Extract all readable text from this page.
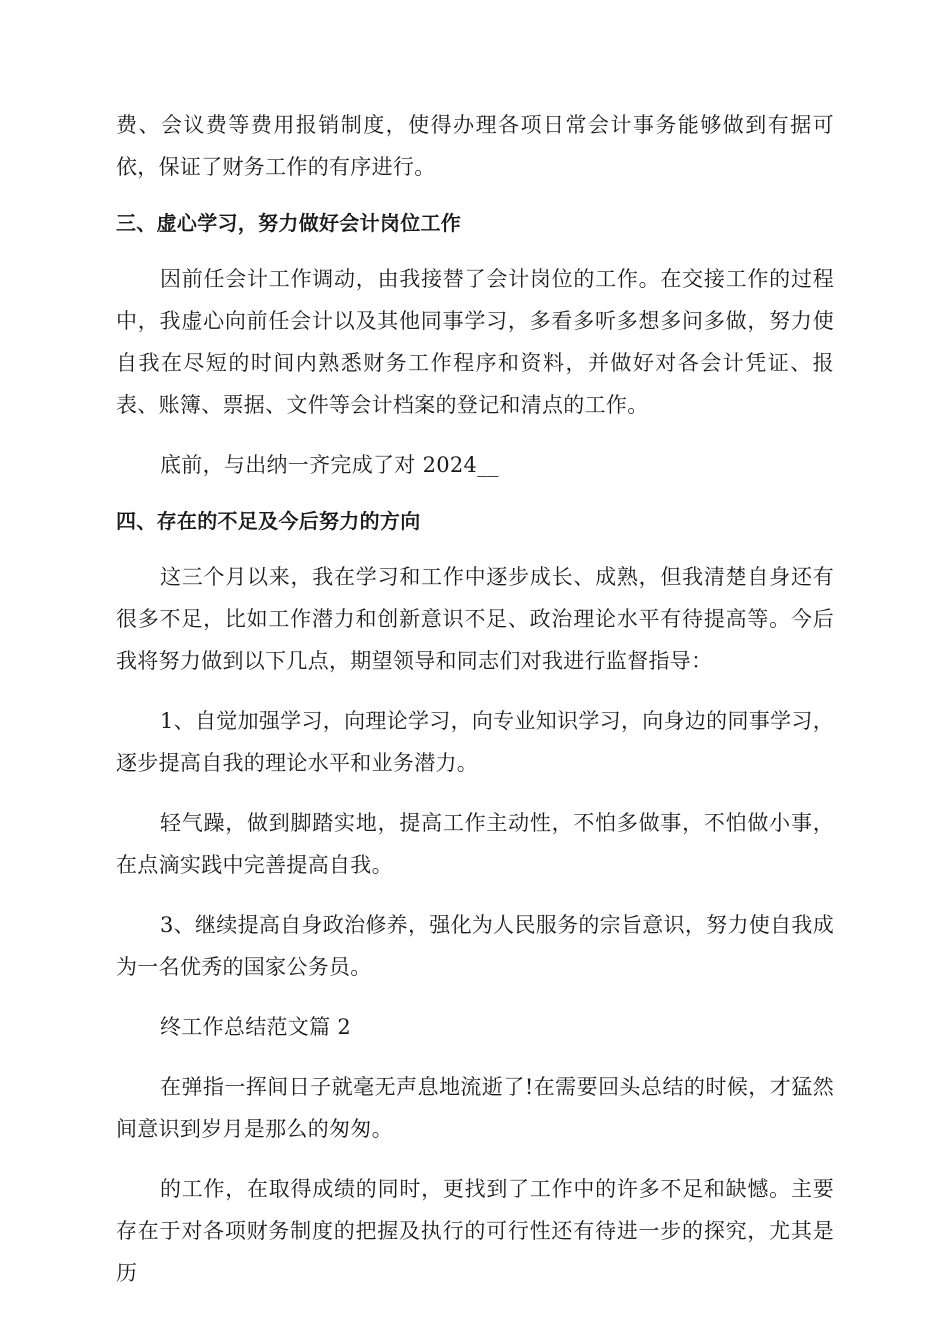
费、会议费等费用报销制度，使得办理各项日常会计事务能够做到有据可依，保证了财务工作的有序进行。

三、虚心学习，努力做好会计岗位工作

因前任会计工作调动，由我接替了会计岗位的工作。在交接工作的过程中，我虚心向前任会计以及其他同事学习，多看多听多想多问多做，努力使自我在尽短的时间内熟悉财务工作程序和资料，并做好对各会计凭证、报表、账簿、票据、文件等会计档案的登记和清点的工作。

底前，与出纳一齐完成了对 2024__

四、存在的不足及今后努力的方向

这三个月以来，我在学习和工作中逐步成长、成熟，但我清楚自身还有很多不足，比如工作潜力和创新意识不足、政治理论水平有待提高等。今后我将努力做到以下几点，期望领导和同志们对我进行监督指导：

1、自觉加强学习，向理论学习，向专业知识学习，向身边的同事学习，逐步提高自我的理论水平和业务潜力。

轻气躁，做到脚踏实地，提高工作主动性，不怕多做事，不怕做小事，在点滴实践中完善提高自我。

3、继续提高自身政治修养，强化为人民服务的宗旨意识，努力使自我成为一名优秀的国家公务员。

终工作总结范文篇 2

在弹指一挥间日子就毫无声息地流逝了!在需要回头总结的时候，才猛然间意识到岁月是那么的匆匆。

的工作，在取得成绩的同时，更找到了工作中的许多不足和缺憾。主要存在于对各项财务制度的把握及执行的可行性还有待进一步的探究，尤其是历
